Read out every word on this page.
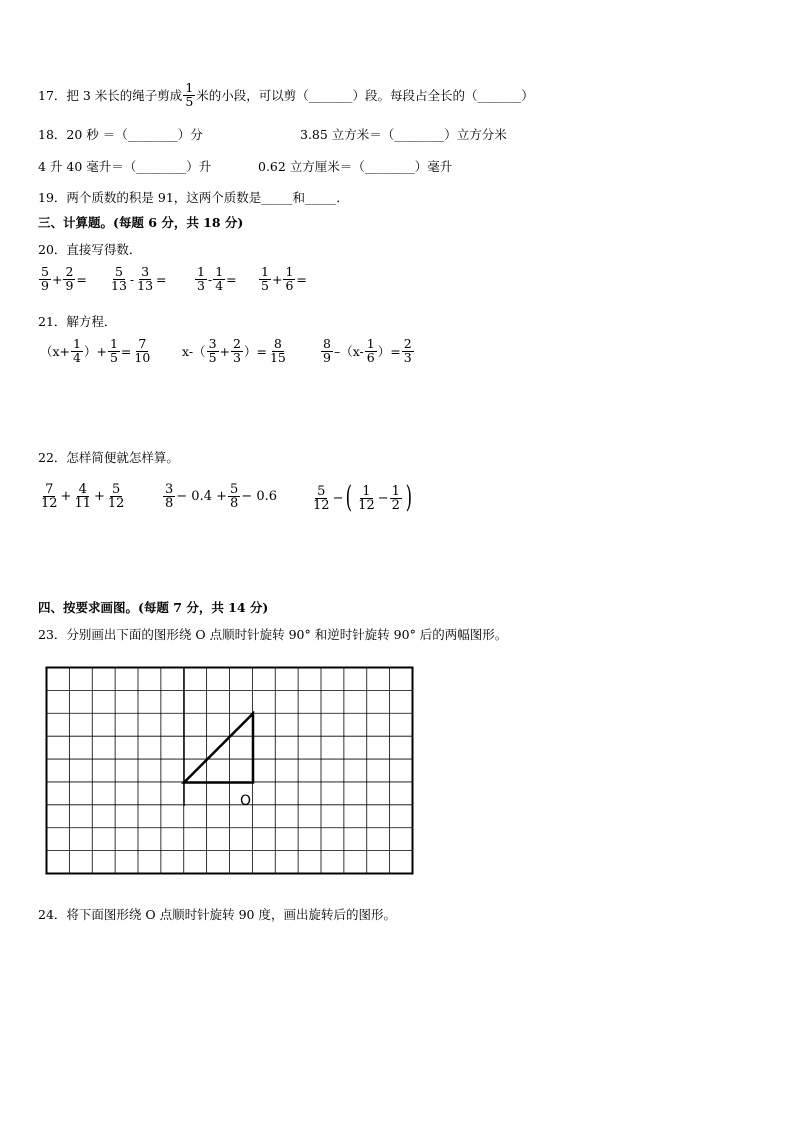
17． 把 3 米长的绳子剪成 $\frac{1}{5}$ 米的小段，可以剪（_______）段。每段占全长的（_______）
18．20 秒 ＝（________）分	3.85 立方米＝（________）立方分米
4 升 40 毫升＝（________）升	0.62 立方厘米＝（________）毫升
19．两个质数的积是 91，这两个质数是_____和_____．
三、计算题。(每题 6 分，共 18 分)
20．直接写得数．
$\frac{5}{9} + \frac{2}{9} = \frac{5}{13} - \frac{3}{13} = \frac{1}{3} - \frac{1}{4} = \frac{1}{5} + \frac{1}{6}$ =
21．解方程．
（$x+ \frac{1}{4}$ ）+ $\frac{1}{5} = \frac{7}{10} x-( \frac{3}{5} + \frac{2}{3}$ ）= $\frac{8}{15}$	$\frac{8}{9} -(x- \frac{1}{6}$ ）= $\frac{2}{3}$
22．怎样简便就怎样算。
$\frac{7}{12} + \frac{4}{11} + \frac{5}{12}$	$\frac{3}{8} - 0.4 + \frac{5}{8} - 0.6$	$\frac{5}{12}$ − ( $\frac{1}{12} - \frac{1}{2}$ )
四、按要求画图。(每题 7 分，共 14 分)
23．分别画出下面的图形绕 O 点顺时针旋转 90° 和逆时针旋转 90° 后的两幅图形。
O
24．将下面图形绕 O 点顺时针旋转 90 度，画出旋转后的图形。
